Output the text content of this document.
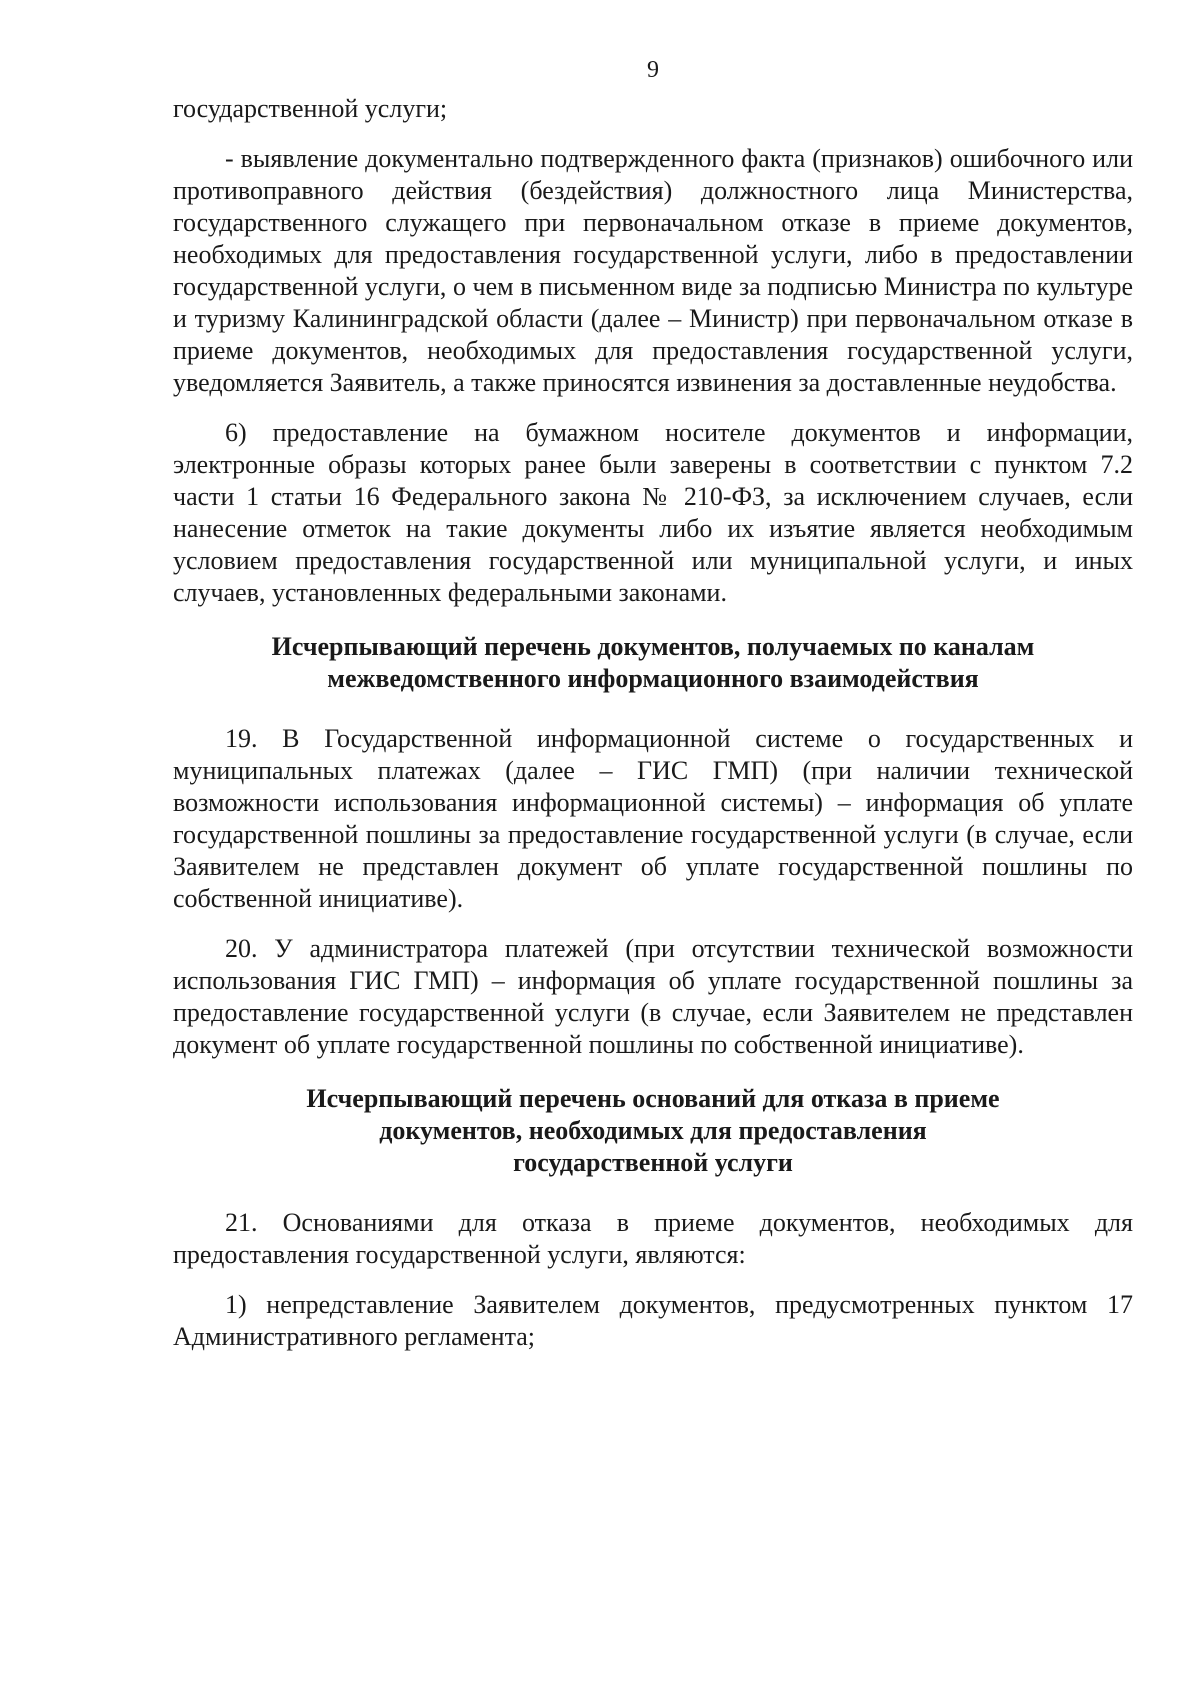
9

государственной услуги;

- выявление документально подтвержденного факта (признаков) ошибочного или противоправного действия (бездействия) должностного лица Министерства, государственного служащего при первоначальном отказе в приеме документов, необходимых для предоставления государственной услуги, либо в предоставлении государственной услуги, о чем в письменном виде за подписью Министра по культуре и туризму Калининградской области (далее – Министр) при первоначальном отказе в приеме документов, необходимых для предоставления государственной услуги, уведомляется Заявитель, а также приносятся извинения за доставленные неудобства.

6) предоставление на бумажном носителе документов и информации, электронные образы которых ранее были заверены в соответствии с пунктом 7.2 части 1 статьи 16 Федерального закона № 210-ФЗ, за исключением случаев, если нанесение отметок на такие документы либо их изъятие является необходимым условием предоставления государственной или муниципальной услуги, и иных случаев, установленных федеральными законами.

Исчерпывающий перечень документов, получаемых по каналам
межведомственного информационного взаимодействия

19. В Государственной информационной системе о государственных и муниципальных платежах (далее – ГИС ГМП) (при наличии технической возможности использования информационной системы) – информация об уплате государственной пошлины за предоставление государственной услуги (в случае, если Заявителем не представлен документ об уплате государственной пошлины по собственной инициативе).

20. У администратора платежей (при отсутствии технической возможности использования ГИС ГМП) – информация об уплате государственной пошлины за предоставление государственной услуги (в случае, если Заявителем не представлен документ об уплате государственной пошлины по собственной инициативе).

Исчерпывающий перечень оснований для отказа в приеме
документов, необходимых для предоставления
государственной услуги

21. Основаниями для отказа в приеме документов, необходимых для предоставления государственной услуги, являются:

1) непредставление Заявителем документов, предусмотренных пунктом 17 Административного регламента;
